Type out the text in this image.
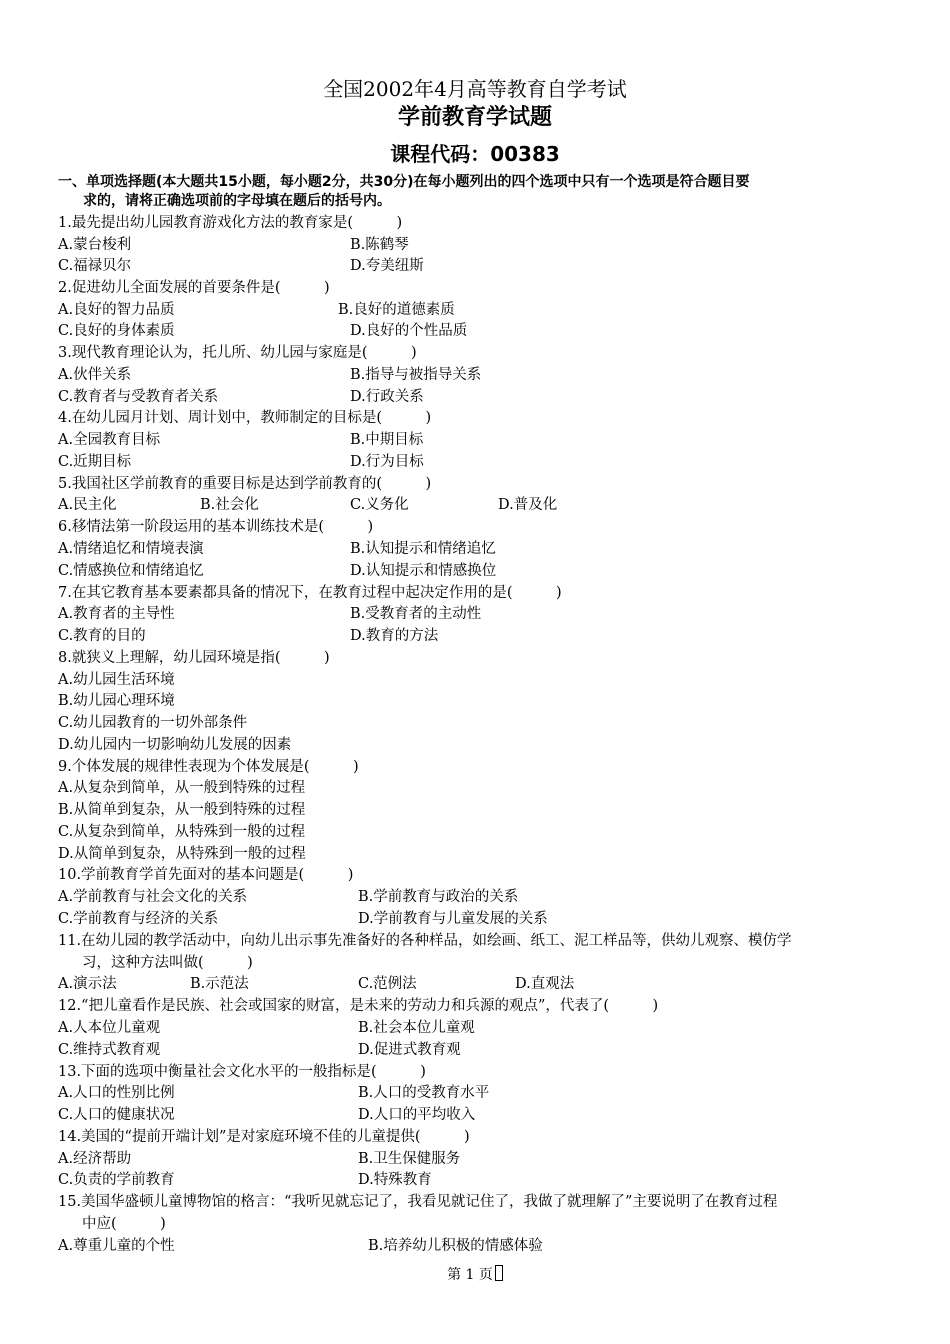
全国2002年4月高等教育自学考试
学前教育学试题
课程代码：00383
一、单项选择题(本大题共15小题，每小题2分，共30分)在每小题列出的四个选项中只有一个选项是符合题目要
求的，请将正确选项前的字母填在题后的括号内。
1.最先提出幼儿园教育游戏化方法的教育家是(　　　)
A.蒙台梭利	B.陈鹤琴
C.福禄贝尔	D.夸美纽斯
2.促进幼儿全面发展的首要条件是(　　　)
A.良好的智力品质	B.良好的道德素质
C.良好的身体素质	D.良好的个性品质
3.现代教育理论认为，托儿所、幼儿园与家庭是(　　　)
A.伙伴关系	B.指导与被指导关系
C.教育者与受教育者关系	D.行政关系
4.在幼儿园月计划、周计划中，教师制定的目标是(　　　)
A.全园教育目标	B.中期目标
C.近期目标	D.行为目标
5.我国社区学前教育的重要目标是达到学前教育的(　　　)
A.民主化	B.社会化	C.义务化	D.普及化
6.移情法第一阶段运用的基本训练技术是(　　　)
A.情绪追忆和情境表演	B.认知提示和情绪追忆
C.情感换位和情绪追忆	D.认知提示和情感换位
7.在其它教育基本要素都具备的情况下，在教育过程中起决定作用的是(　　　)
A.教育者的主导性	B.受教育者的主动性
C.教育的目的	D.教育的方法
8.就狭义上理解，幼儿园环境是指(　　　)
A.幼儿园生活环境
B.幼儿园心理环境
C.幼儿园教育的一切外部条件
D.幼儿园内一切影响幼儿发展的因素
9.个体发展的规律性表现为个体发展是(　　　)
A.从复杂到简单，从一般到特殊的过程
B.从简单到复杂，从一般到特殊的过程
C.从复杂到简单，从特殊到一般的过程
D.从简单到复杂，从特殊到一般的过程
10.学前教育学首先面对的基本问题是(　　　)
A.学前教育与社会文化的关系	B.学前教育与政治的关系
C.学前教育与经济的关系	D.学前教育与儿童发展的关系
11.在幼儿园的教学活动中，向幼儿出示事先准备好的各种样品，如绘画、纸工、泥工样品等，供幼儿观察、模仿学
习，这种方法叫做(　　　)
A.演示法	B.示范法	C.范例法	D.直观法
12.“把儿童看作是民族、社会或国家的财富，是未来的劳动力和兵源的观点”，代表了(　　　)
A.人本位儿童观	B.社会本位儿童观
C.维持式教育观	D.促进式教育观
13.下面的选项中衡量社会文化水平的一般指标是(　　　)
A.人口的性别比例	B.人口的受教育水平
C.人口的健康状况	D.人口的平均收入
14.美国的“提前开端计划”是对家庭环境不佳的儿童提供(　　　)
A.经济帮助	B.卫生保健服务
C.负责的学前教育	D.特殊教育
15.美国华盛顿儿童博物馆的格言：“我听见就忘记了，我看见就记住了，我做了就理解了”主要说明了在教育过程
中应(　　　)
A.尊重儿童的个性	B.培养幼儿积极的情感体验
第 1 页
